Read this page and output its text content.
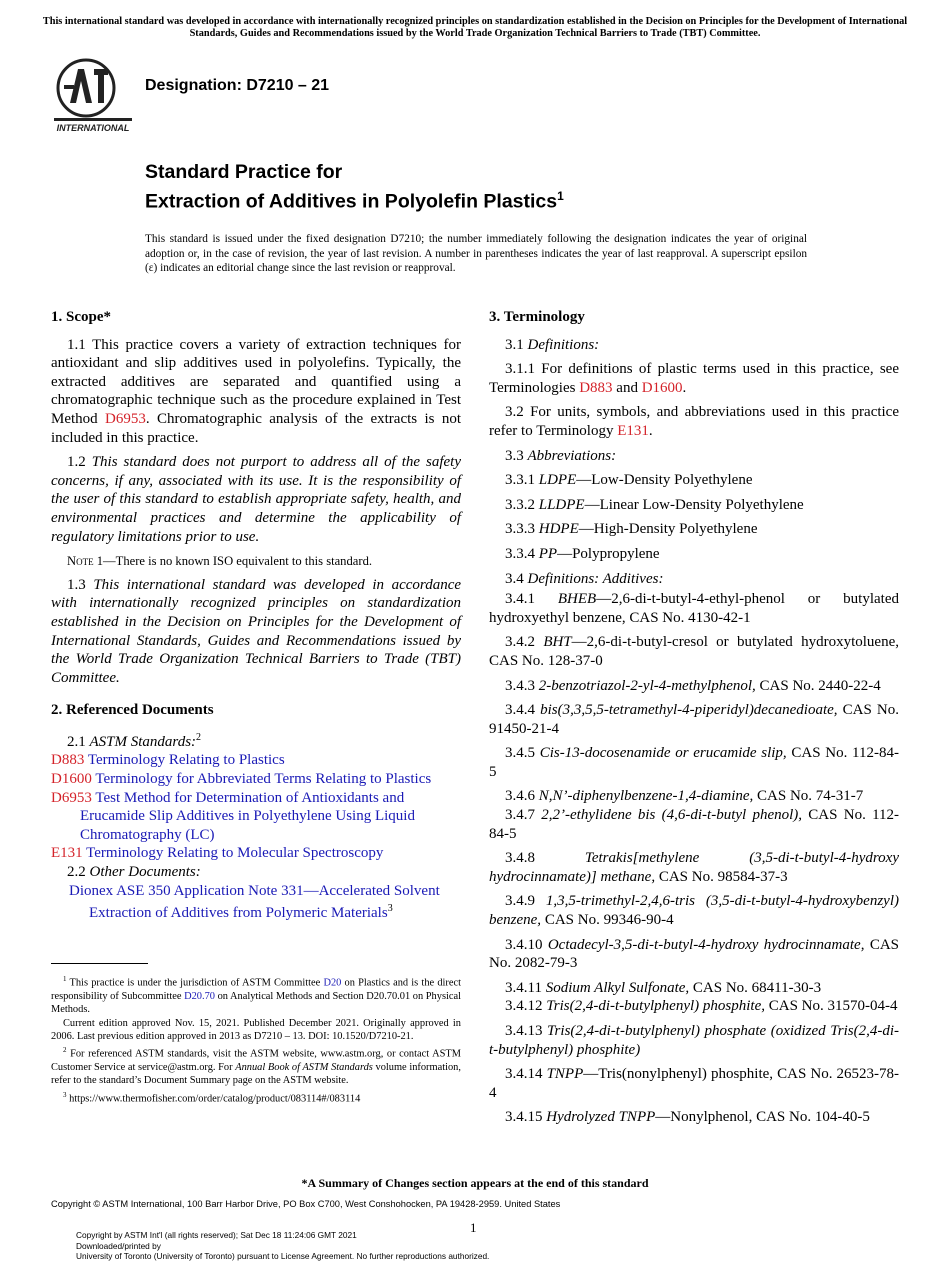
This international standard was developed in accordance with internationally recognized principles on standardization established in the Decision on Principles for the Development of International Standards, Guides and Recommendations issued by the World Trade Organization Technical Barriers to Trade (TBT) Committee.
INTERNATIONAL
Designation: D7210 – 21
Standard Practice for
Extraction of Additives in Polyolefin Plastics$^1$
This standard is issued under the fixed designation D7210; the number immediately following the designation indicates the year of original adoption or, in the case of revision, the year of last revision. A number in parentheses indicates the year of last reapproval. A superscript epsilon (ε) indicates an editorial change since the last revision or reapproval.
1. Scope*

1.1 This practice covers a variety of extraction techniques for antioxidant and slip additives used in polyolefins. Typically, the extracted additives are separated and quantified using a chromatographic technique such as the procedure explained in Test Method D6953. Chromatographic analysis of the extracts is not included in this practice.

1.2 This standard does not purport to address all of the safety concerns, if any, associated with its use. It is the responsibility of the user of this standard to establish appropriate safety, health, and environmental practices and determine the applicability of regulatory limitations prior to use.

Note 1—There is no known ISO equivalent to this standard.

1.3 This international standard was developed in accordance with internationally recognized principles on standardization established in the Decision on Principles for the Development of International Standards, Guides and Recommendations issued by the World Trade Organization Technical Barriers to Trade (TBT) Committee.

2. Referenced Documents

2.1 ASTM Standards:$^2$

D883 Terminology Relating to Plastics

D1600 Terminology for Abbreviated Terms Relating to Plastics

D6953 Test Method for Determination of Antioxidants and Erucamide Slip Additives in Polyethylene Using Liquid Chromatography (LC)

E131 Terminology Relating to Molecular Spectroscopy

2.2 Other Documents:

Dionex ASE 350 Application Note 331—Accelerated Solvent Extraction of Additives from Polymeric Materials$^3$

$^1$ This practice is under the jurisdiction of ASTM Committee D20 on Plastics and is the direct responsibility of Subcommittee D20.70 on Analytical Methods and Section D20.70.01 on Physical Methods.

Current edition approved Nov. 15, 2021. Published December 2021. Originally approved in 2006. Last previous edition approved in 2013 as D7210 – 13. DOI: 10.1520/D7210-21.

$^2$ For referenced ASTM standards, visit the ASTM website, www.astm.org, or contact ASTM Customer Service at service@astm.org. For Annual Book of ASTM Standards volume information, refer to the standard’s Document Summary page on the ASTM website.

$^3$ https://www.thermofisher.com/order/catalog/product/083114#/083114

3. Terminology

3.1 Definitions:

3.1.1 For definitions of plastic terms used in this practice, see Terminologies D883 and D1600.

3.2 For units, symbols, and abbreviations used in this practice refer to Terminology E131.

3.3 Abbreviations:

3.3.1 LDPE—Low-Density Polyethylene

3.3.2 LLDPE—Linear Low-Density Polyethylene

3.3.3 HDPE—High-Density Polyethylene

3.3.4 PP—Polypropylene

3.4 Definitions: Additives:

3.4.1 BHEB—2,6-di-t-butyl-4-ethyl-phenol or butylated hydroxyethyl benzene, CAS No. 4130-42-1

3.4.2 BHT—2,6-di-t-butyl-cresol or butylated hydroxytoluene, CAS No. 128-37-0

3.4.3 2-benzotriazol-2-yl-4-methylphenol, CAS No. 2440-22-4

3.4.4 bis(3,3,5,5-tetramethyl-4-piperidyl)decanedioate, CAS No. 91450-21-4

3.4.5 Cis-13-docosenamide or erucamide slip, CAS No. 112-84-5

3.4.6 N,N’-diphenylbenzene-1,4-diamine, CAS No. 74-31-7

3.4.7 2,2’-ethylidene bis (4,6-di-t-butyl phenol), CAS No. 112-84-5

3.4.8 Tetrakis[methylene (3,5-di-t-butyl-4-hydroxy hydrocinnamate)] methane, CAS No. 98584-37-3

3.4.9 1,3,5-trimethyl-2,4,6-tris (3,5-di-t-butyl-4-hydroxybenzyl) benzene, CAS No. 99346-90-4

3.4.10 Octadecyl-3,5-di-t-butyl-4-hydroxy hydrocinnamate, CAS No. 2082-79-3

3.4.11 Sodium Alkyl Sulfonate, CAS No. 68411-30-3

3.4.12 Tris(2,4-di-t-butylphenyl) phosphite, CAS No. 31570-04-4

3.4.13 Tris(2,4-di-t-butylphenyl) phosphate (oxidized Tris(2,4-di-t-butylphenyl) phosphite)

3.4.14 TNPP—Tris(nonylphenyl) phosphite, CAS No. 26523-78-4

3.4.15 Hydrolyzed TNPP—Nonylphenol, CAS No. 104-40-5

*A Summary of Changes section appears at the end of this standard
Copyright © ASTM International, 100 Barr Harbor Drive, PO Box C700, West Conshohocken, PA 19428-2959. United States
1
Copyright by ASTM Int'l (all rights reserved); Sat Dec 18 11:24:06 GMT 2021
Downloaded/printed by
University of Toronto (University of Toronto) pursuant to License Agreement. No further reproductions authorized.
